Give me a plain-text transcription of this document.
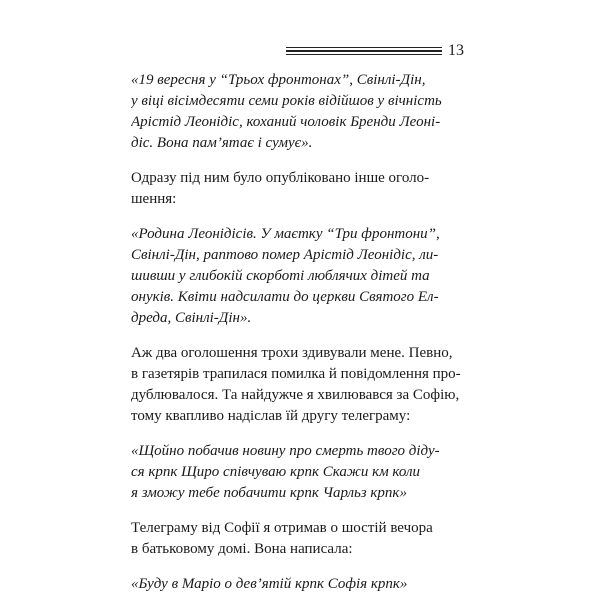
13

«19 вересня у “Трьох фронтонах”, Свінлі-Дін,
у віці вісімдесяти семи років відійшов у вічність
Арістід Леонідіс, коханий чоловік Бренди Леоні-
діс. Вона пам’ятає і сумує».

Одразу під ним було опубліковано інше оголо-
шення:

«Родина Леонідісів. У маєтку “Три фронтони”,
Свінлі-Дін, раптово помер Арістід Леонідіс, ли-
шивши у глибокій скорботі люблячих дітей та
онуків. Квіти надсилати до церкви Святого Ел-
дреда, Свінлі-Дін».

Аж два оголошення трохи здивували мене. Певно,
в газетярів трапилася помилка й повідомлення про-
дублювалося. Та найдужче я хвилювався за Софію,
тому квапливо надіслав їй другу телеграму:

«Щойно побачив новину про смерть твого діду-
ся крпк Щиро співчуваю крпк Скажи км коли
я зможу тебе побачити крпк Чарльз крпк»

Телеграму від Софії я отримав о шостій вечора
в батьковому домі. Вона написала:

«Буду в Маріо о дев’ятій крпк Софія крпк»
